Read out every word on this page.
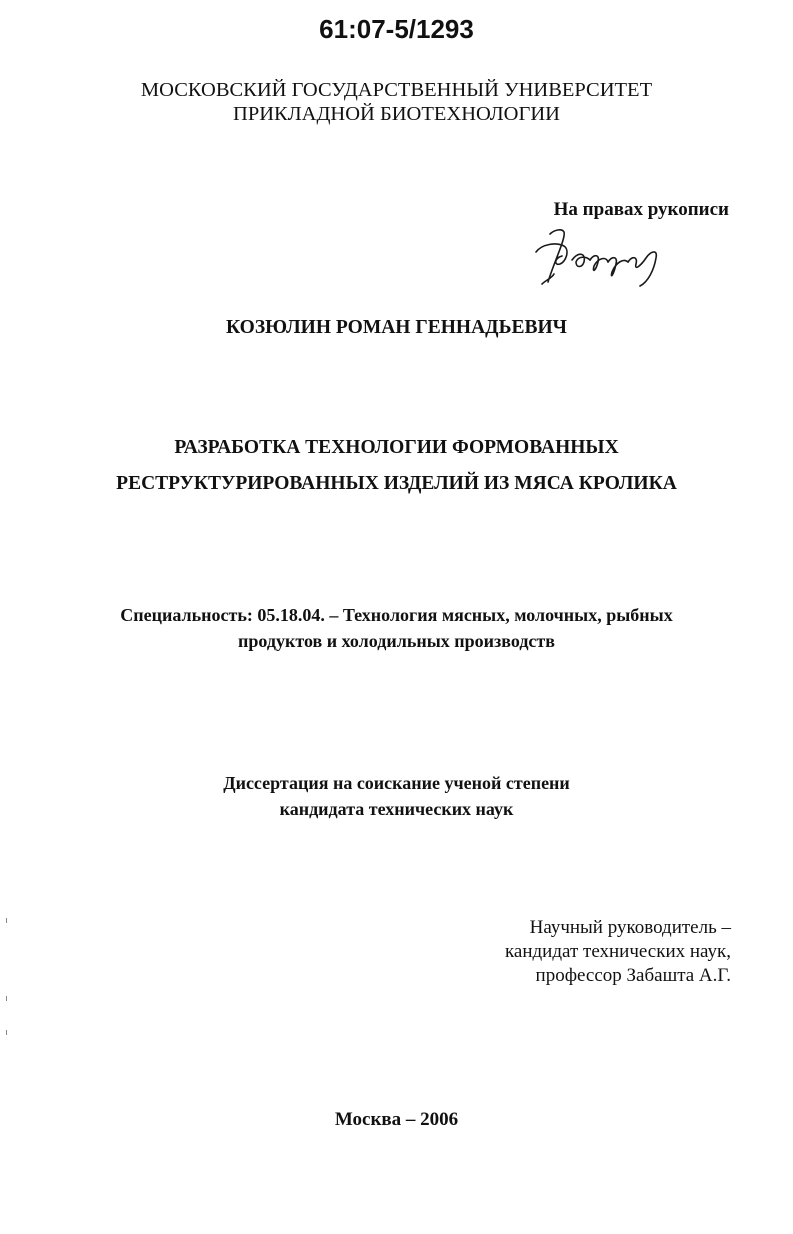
61:07-5/1293
МОСКОВСКИЙ ГОСУДАРСТВЕННЫЙ УНИВЕРСИТЕТ
ПРИКЛАДНОЙ БИОТЕХНОЛОГИИ
На правах рукописи
КОЗЮЛИН РОМАН ГЕННАДЬЕВИЧ
РАЗРАБОТКА ТЕХНОЛОГИИ ФОРМОВАННЫХ
РЕСТРУКТУРИРОВАННЫХ ИЗДЕЛИЙ ИЗ МЯСА КРОЛИКА
Специальность: 05.18.04. – Технология мясных, молочных, рыбных
продуктов и холодильных производств
Диссертация на соискание ученой степени
кандидата технических наук
Научный руководитель –
кандидат технических наук,
профессор Забашта А.Г.
Москва – 2006
